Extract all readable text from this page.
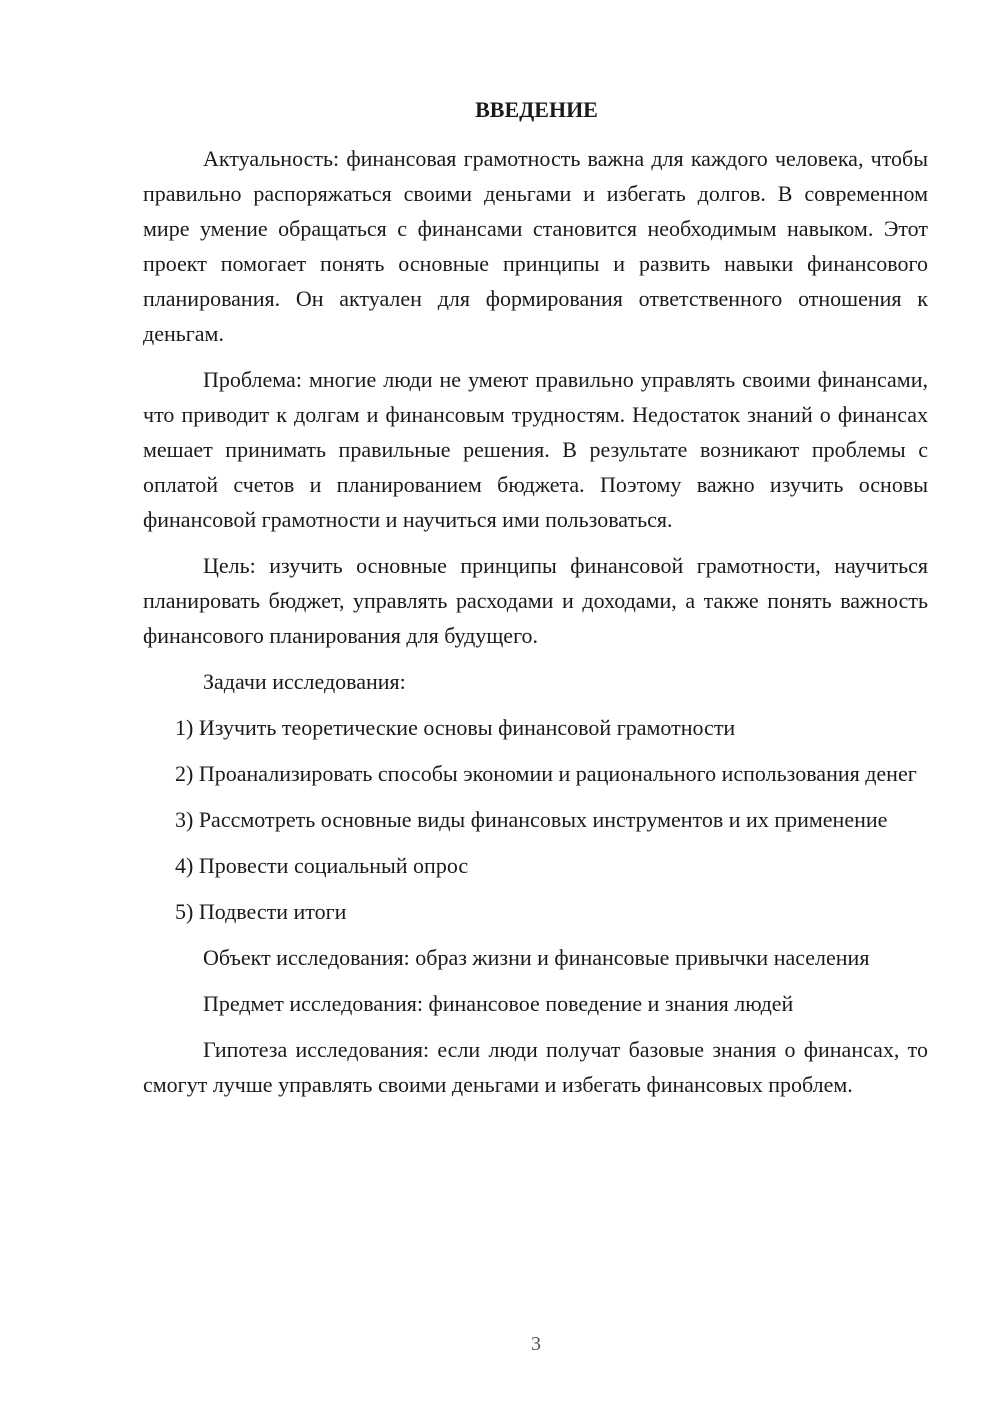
ВВЕДЕНИЕ

Актуальность: финансовая грамотность важна для каждого человека, чтобы правильно распоряжаться своими деньгами и избегать долгов. В современном мире умение обращаться с финансами становится необходимым навыком. Этот проект помогает понять основные принципы и развить навыки финансового планирования. Он актуален для формирования ответственного отношения к деньгам.

Проблема: многие люди не умеют правильно управлять своими финансами, что приводит к долгам и финансовым трудностям. Недостаток знаний о финансах мешает принимать правильные решения. В результате возникают проблемы с оплатой счетов и планированием бюджета. Поэтому важно изучить основы финансовой грамотности и научиться ими пользоваться.

Цель: изучить основные принципы финансовой грамотности, научиться планировать бюджет, управлять расходами и доходами, а также понять важность финансового планирования для будущего.

Задачи исследования:

1) Изучить теоретические основы финансовой грамотности

2) Проанализировать способы экономии и рационального использования денег

3) Рассмотреть основные виды финансовых инструментов и их применение

4) Провести социальный опрос

5) Подвести итоги

Объект исследования: образ жизни и финансовые привычки населения

Предмет исследования: финансовое поведение и знания людей

Гипотеза исследования: если люди получат базовые знания о финансах, то смогут лучше управлять своими деньгами и избегать финансовых проблем.

3
